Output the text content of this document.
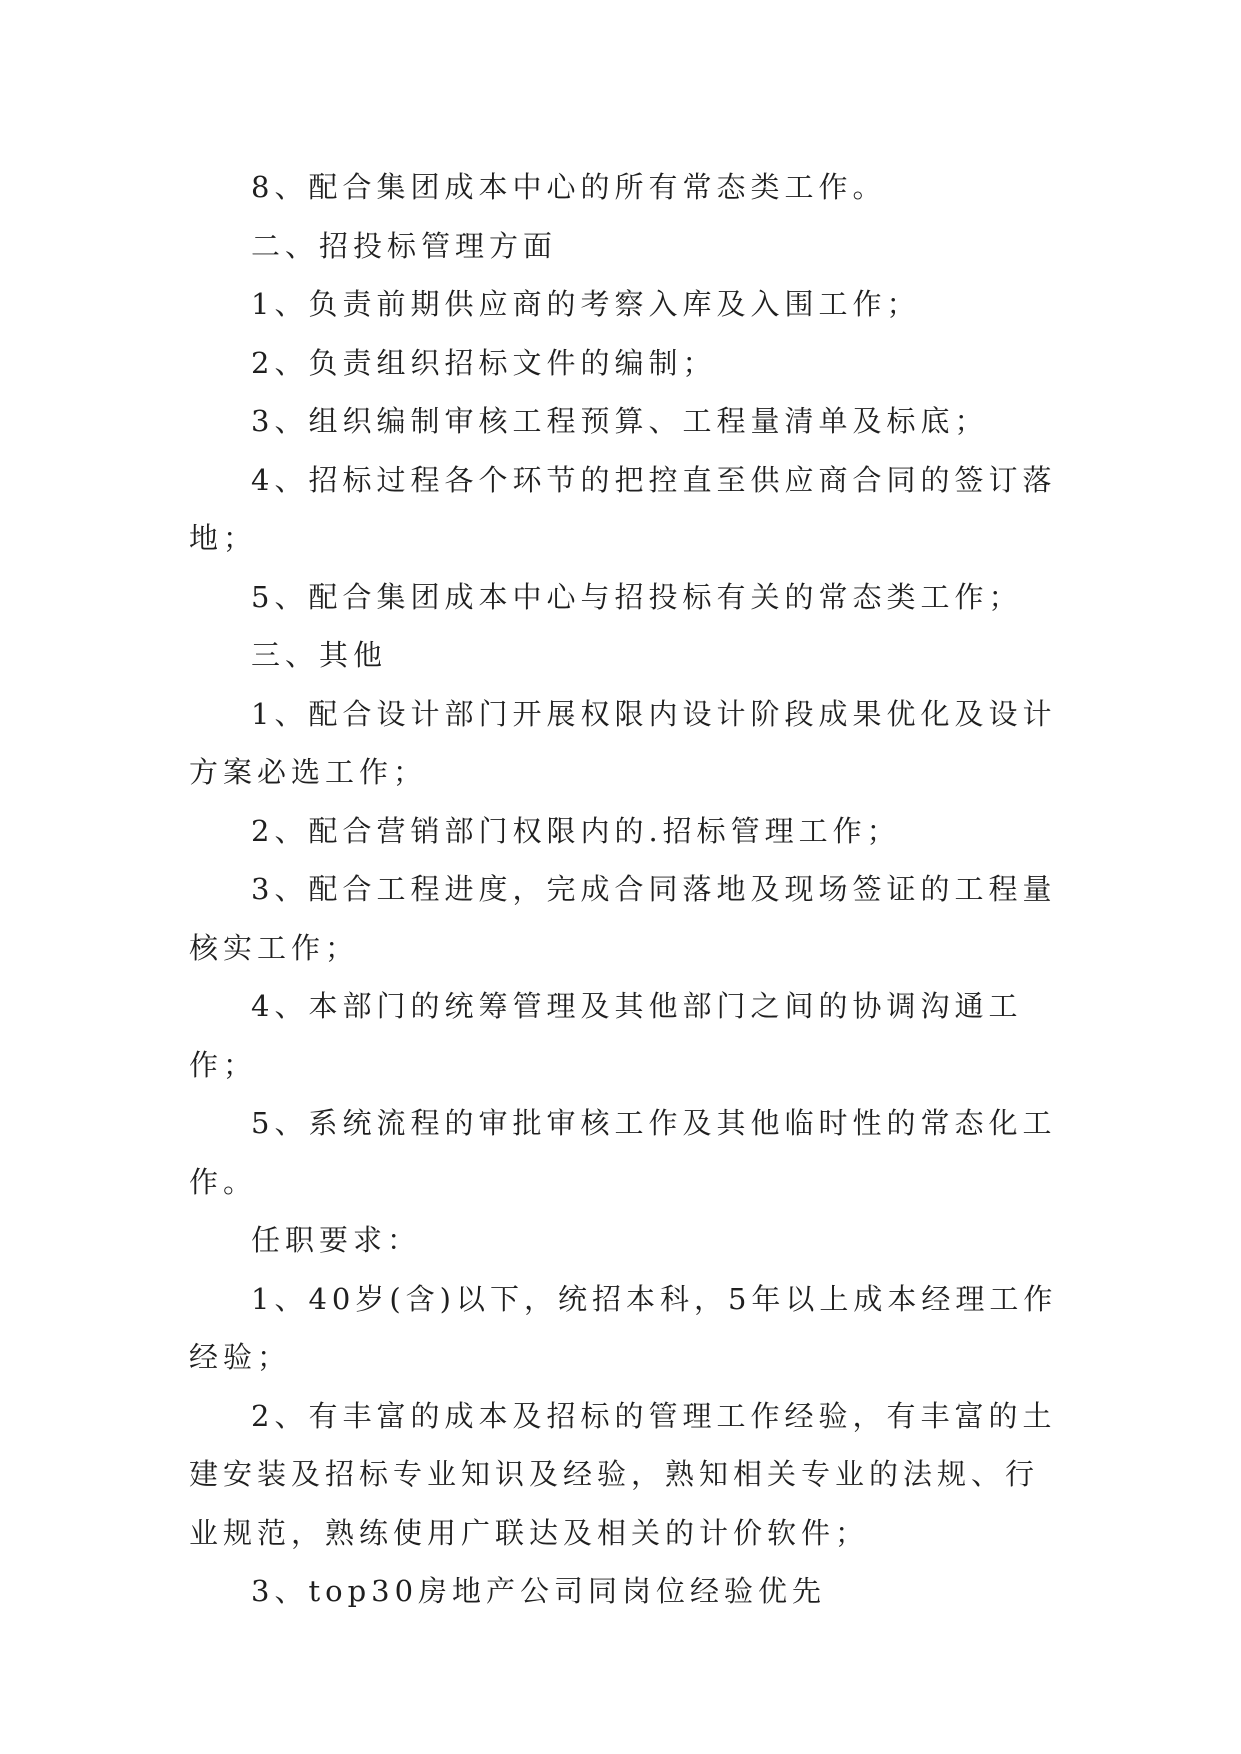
8、配合集团成本中心的所有常态类工作。

二、招投标管理方面

1、负责前期供应商的考察入库及入围工作；

2、负责组织招标文件的编制；

3、组织编制审核工程预算、工程量清单及标底；

4、招标过程各个环节的把控直至供应商合同的签订落地；

5、配合集团成本中心与招投标有关的常态类工作；

三、其他

1、配合设计部门开展权限内设计阶段成果优化及设计方案必选工作；

2、配合营销部门权限内的.招标管理工作；

3、配合工程进度，完成合同落地及现场签证的工程量核实工作；

4、本部门的统筹管理及其他部门之间的协调沟通工作；

5、系统流程的审批审核工作及其他临时性的常态化工作。

任职要求：

1、40岁(含)以下，统招本科，5年以上成本经理工作经验；

2、有丰富的成本及招标的管理工作经验，有丰富的土建安装及招标专业知识及经验，熟知相关专业的法规、行业规范，熟练使用广联达及相关的计价软件；

3、top30房地产公司同岗位经验优先
